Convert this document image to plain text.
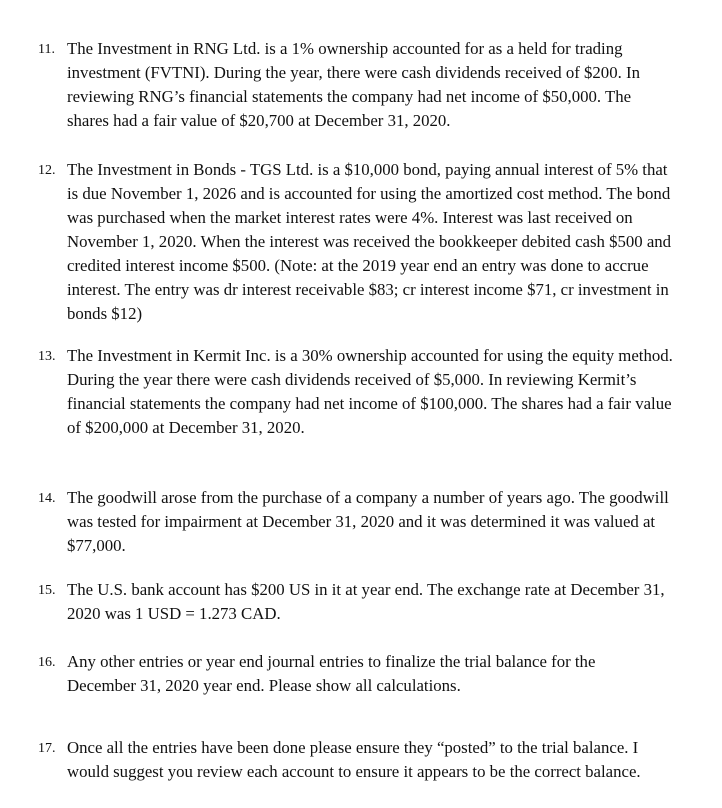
11. The Investment in RNG Ltd. is a 1% ownership accounted for as a held for trading
investment (FVTNI). During the year, there were cash dividends received of $200. In
reviewing RNG’s financial statements the company had net income of $50,000. The
shares had a fair value of $20,700 at December 31, 2020.
12. The Investment in Bonds - TGS Ltd. is a $10,000 bond, paying annual interest of 5% that
is due November 1, 2026 and is accounted for using the amortized cost method. The bond
was purchased when the market interest rates were 4%. Interest was last received on
November 1, 2020. When the interest was received the bookkeeper debited cash $500 and
credited interest income $500. (Note: at the 2019 year end an entry was done to accrue
interest. The entry was dr interest receivable $83; cr interest income $71, cr investment in
bonds $12)
13. The Investment in Kermit Inc. is a 30% ownership accounted for using the equity method.
During the year there were cash dividends received of $5,000. In reviewing Kermit’s
financial statements the company had net income of $100,000. The shares had a fair value
of $200,000 at December 31, 2020.
14. The goodwill arose from the purchase of a company a number of years ago. The goodwill
was tested for impairment at December 31, 2020 and it was determined it was valued at
$77,000.
15. The U.S. bank account has $200 US in it at year end. The exchange rate at December 31,
2020 was 1 USD = 1.273 CAD.
16. Any other entries or year end journal entries to finalize the trial balance for the
December 31, 2020 year end. Please show all calculations.
17. Once all the entries have been done please ensure they “posted” to the trial balance. I
would suggest you review each account to ensure it appears to be the correct balance.
